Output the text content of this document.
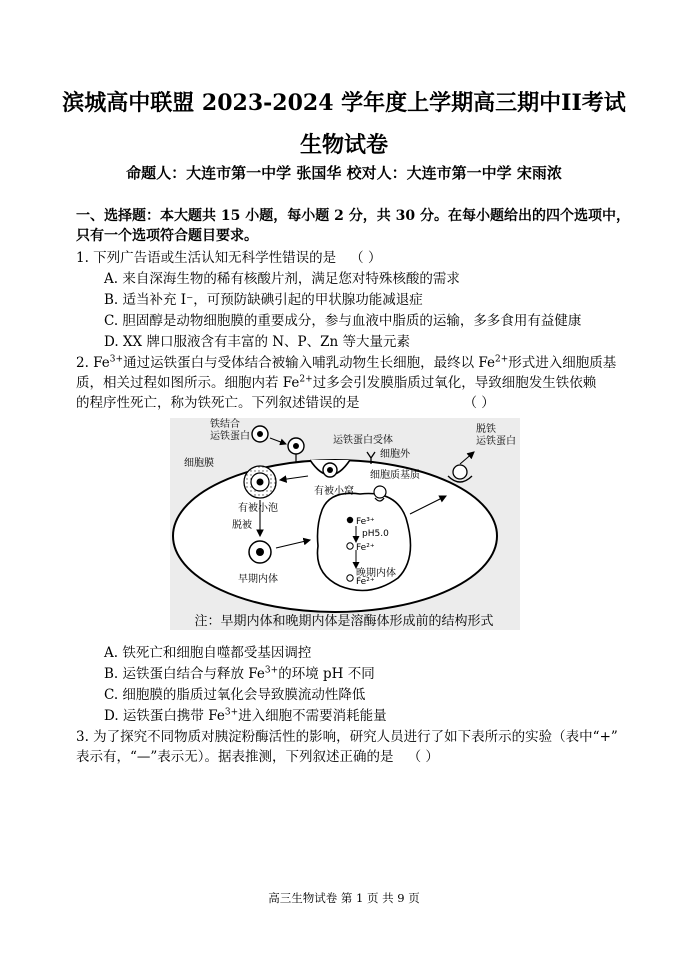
滨城高中联盟 2023-2024 学年度上学期高三期中II考试
生物试卷
命题人：大连市第一中学 张国华 校对人：大连市第一中学 宋雨浓
一、选择题：本大题共 15 小题，每小题 2 分，共 30 分。在每小题给出的四个选项中，
只有一个选项符合题目要求。
1. 下列广告语或生活认知无科学性错误的是 （ ）
A. 来自深海生物的稀有核酸片剂，满足您对特殊核酸的需求
B. 适当补充 I⁻，可预防缺碘引起的甲状腺功能减退症
C. 胆固醇是动物细胞膜的重要成分，参与血液中脂质的运输，多多食用有益健康
D. XX 牌口服液含有丰富的 N、P、Zn 等大量元素
2. $Fe^{3+}$通过运铁蛋白与受体结合被输入哺乳动物生长细胞，最终以 $Fe^{2+}$形式进入细胞质基
质，相关过程如图所示。细胞内若 $Fe^{2+}$过多会引发膜脂质过氧化，导致细胞发生铁依赖
的程序性死亡，称为铁死亡。下列叙述错误的是	（ ）
铁结合
运铁蛋白	运铁蛋白受体
细胞外
细胞膜
有被小窝
细胞质基质
脱铁
运铁蛋白
有被小泡
脱被
早期内体
Fe³⁺
pH5.0
Fe²⁺
晚期内体
Fe²⁺
注：早期内体和晚期内体是溶酶体形成前的结构形式
A. 铁死亡和细胞自噬都受基因调控
B. 运铁蛋白结合与释放 $Fe^{3+}$的环境 pH 不同
C. 细胞膜的脂质过氧化会导致膜流动性降低
D. 运铁蛋白携带 $Fe^{3+}$进入细胞不需要消耗能量
3. 为了探究不同物质对胰淀粉酶活性的影响，研究人员进行了如下表所示的实验（表中“+”
表示有，“—”表示无）。据表推测，下列叙述正确的是 （ ）
高三生物试卷 第 1 页 共 9 页
